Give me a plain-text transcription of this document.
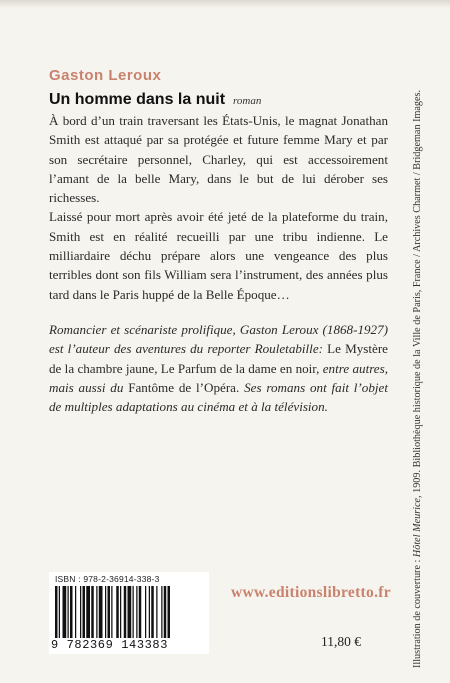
Gaston Leroux
Un homme dans la nuit roman

À bord d’un train traversant les États-Unis, le magnat Jonathan Smith est attaqué par sa protégée et future femme Mary et par son secrétaire personnel, Charley, qui est accessoirement l’amant de la belle Mary, dans le but de lui dérober ses richesses.

Laissé pour mort après avoir été jeté de la plateforme du train, Smith est en réalité recueilli par une tribu indienne. Le milliardaire déchu prépare alors une vengeance des plus terribles dont son fils William sera l’instrument, des années plus tard dans le Paris huppé de la Belle Époque…

Romancier et scénariste prolifique, Gaston Leroux (1868-1927) est l’auteur des aventures du reporter Rouletabille: Le Mystère de la chambre jaune, Le Parfum de la dame en noir, entre autres, mais aussi du Fantôme de l’Opéra. Ses romans ont fait l’objet de multiples adaptations au cinéma et à la télévision.
ISBN : 978-2-36914-338-3
9 782369 143383
www.editionslibretto.fr
11,80 €	Illustration de couverture : Hôtel Meurice, 1909. Bibliothèque historique de la Ville de Paris, France / Archives Charmet / Bridgeman Images.
